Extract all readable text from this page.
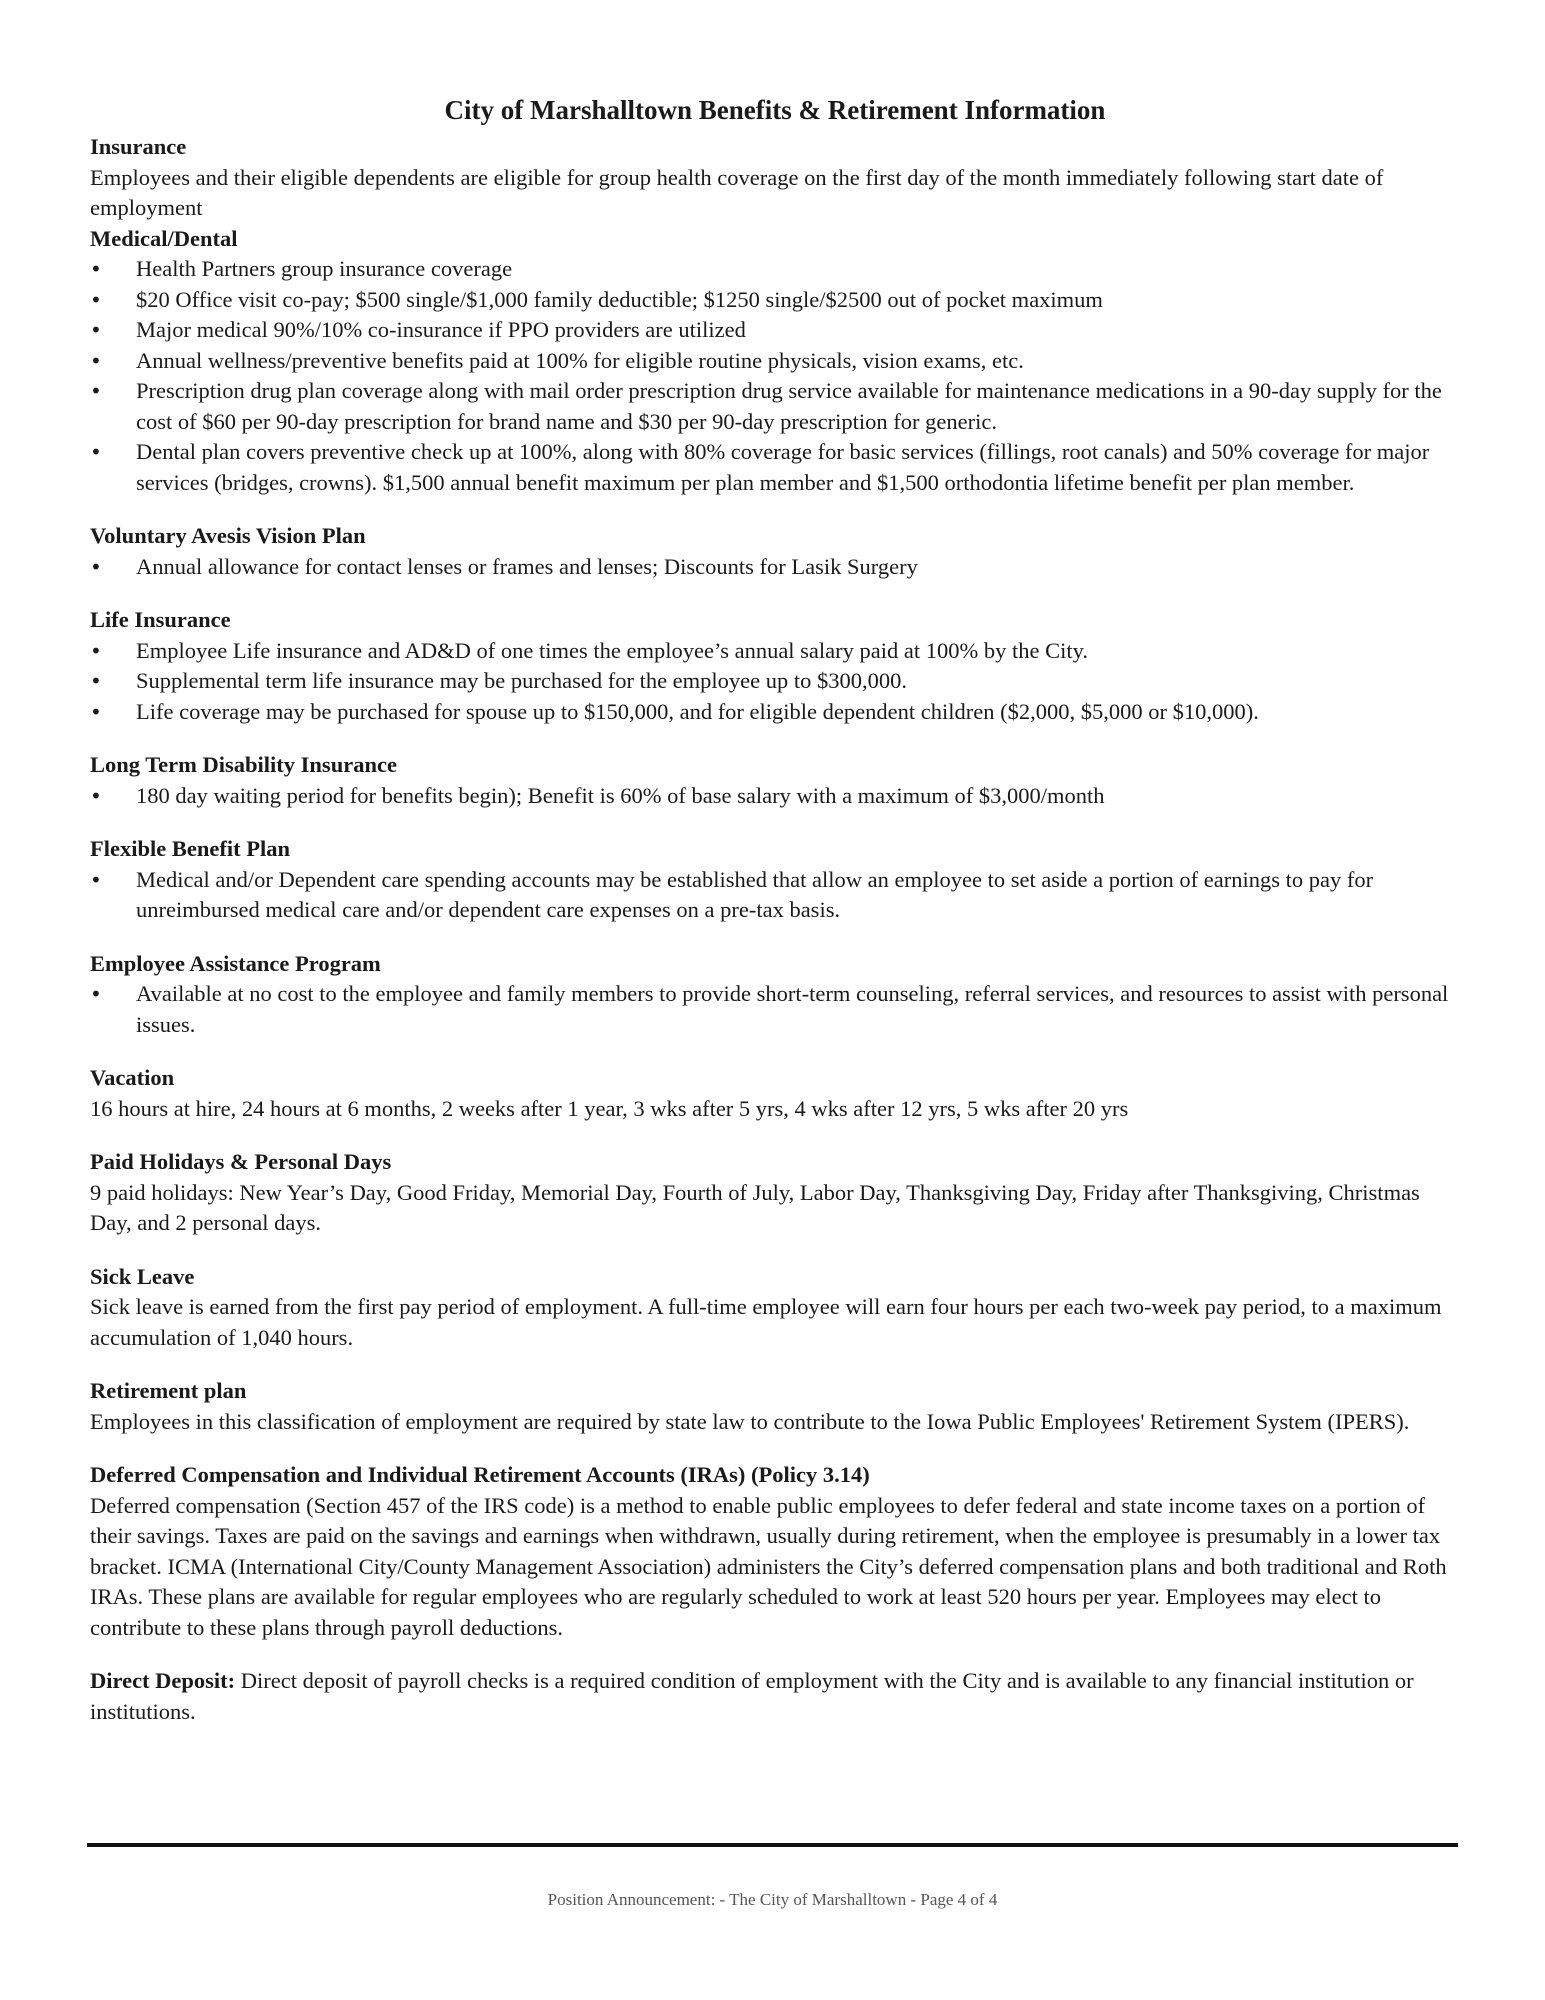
City of Marshalltown Benefits & Retirement Information
Insurance

Employees and their eligible dependents are eligible for group health coverage on the first day of the month immediately following start date of employment

Medical/Dental
• Health Partners group insurance coverage
• $20 Office visit co-pay; $500 single/$1,000 family deductible; $1250 single/$2500 out of pocket maximum
• Major medical 90%/10% co-insurance if PPO providers are utilized
• Annual wellness/preventive benefits paid at 100% for eligible routine physicals, vision exams, etc.
• Prescription drug plan coverage along with mail order prescription drug service available for maintenance medications in a 90-day supply for the cost of $60 per 90-day prescription for brand name and $30 per 90-day prescription for generic.
• Dental plan covers preventive check up at 100%, along with 80% coverage for basic services (fillings, root canals) and 50% coverage for major services (bridges, crowns). $1,500 annual benefit maximum per plan member and $1,500 orthodontia lifetime benefit per plan member.
Voluntary Avesis Vision Plan
• Annual allowance for contact lenses or frames and lenses; Discounts for Lasik Surgery
Life Insurance
• Employee Life insurance and AD&D of one times the employee’s annual salary paid at 100% by the City.
• Supplemental term life insurance may be purchased for the employee up to $300,000.
• Life coverage may be purchased for spouse up to $150,000, and for eligible dependent children ($2,000, $5,000 or $10,000).
Long Term Disability Insurance
• 180 day waiting period for benefits begin); Benefit is 60% of base salary with a maximum of $3,000/month
Flexible Benefit Plan
• Medical and/or Dependent care spending accounts may be established that allow an employee to set aside a portion of earnings to pay for unreimbursed medical care and/or dependent care expenses on a pre-tax basis.
Employee Assistance Program
• Available at no cost to the employee and family members to provide short-term counseling, referral services, and resources to assist with personal issues.
Vacation

16 hours at hire, 24 hours at 6 months, 2 weeks after 1 year, 3 wks after 5 yrs, 4 wks after 12 yrs, 5 wks after 20 yrs

Paid Holidays & Personal Days

9 paid holidays: New Year’s Day, Good Friday, Memorial Day, Fourth of July, Labor Day, Thanksgiving Day, Friday after Thanksgiving, Christmas Day, and 2 personal days.

Sick Leave

Sick leave is earned from the first pay period of employment. A full-time employee will earn four hours per each two-week pay period, to a maximum accumulation of 1,040 hours.

Retirement plan

Employees in this classification of employment are required by state law to contribute to the Iowa Public Employees' Retirement System (IPERS).

Deferred Compensation and Individual Retirement Accounts (IRAs) (Policy 3.14)

Deferred compensation (Section 457 of the IRS code) is a method to enable public employees to defer federal and state income taxes on a portion of their savings. Taxes are paid on the savings and earnings when withdrawn, usually during retirement, when the employee is presumably in a lower tax bracket. ICMA (International City/County Management Association) administers the City’s deferred compensation plans and both traditional and Roth IRAs. These plans are available for regular employees who are regularly scheduled to work at least 520 hours per year. Employees may elect to contribute to these plans through payroll deductions.

Direct Deposit: Direct deposit of payroll checks is a required condition of employment with the City and is available to any financial institution or institutions.

Position Announcement: - The City of Marshalltown - Page 4 of 4
